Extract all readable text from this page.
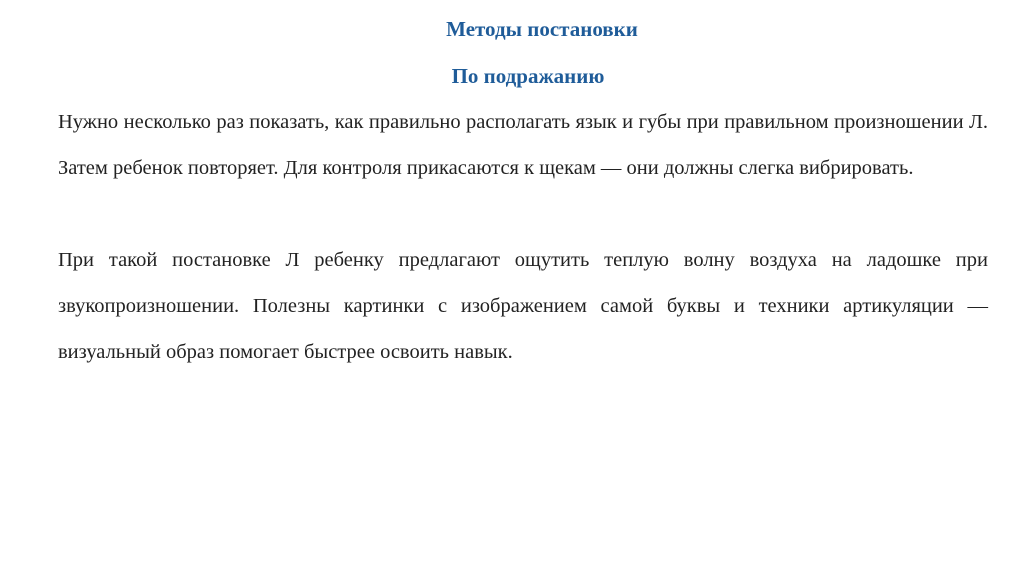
Методы постановки
По подражанию

Нужно несколько раз показать, как правильно располагать язык и губы при правильном произношении Л. Затем ребенок повторяет. Для контроля прикасаются к щекам — они должны слегка вибрировать.

При такой постановке Л ребенку предлагают ощутить теплую волну воздуха на ладошке при звукопроизношении. Полезны картинки с изображением самой буквы и техники артикуляции — визуальный образ помогает быстрее освоить навык.
